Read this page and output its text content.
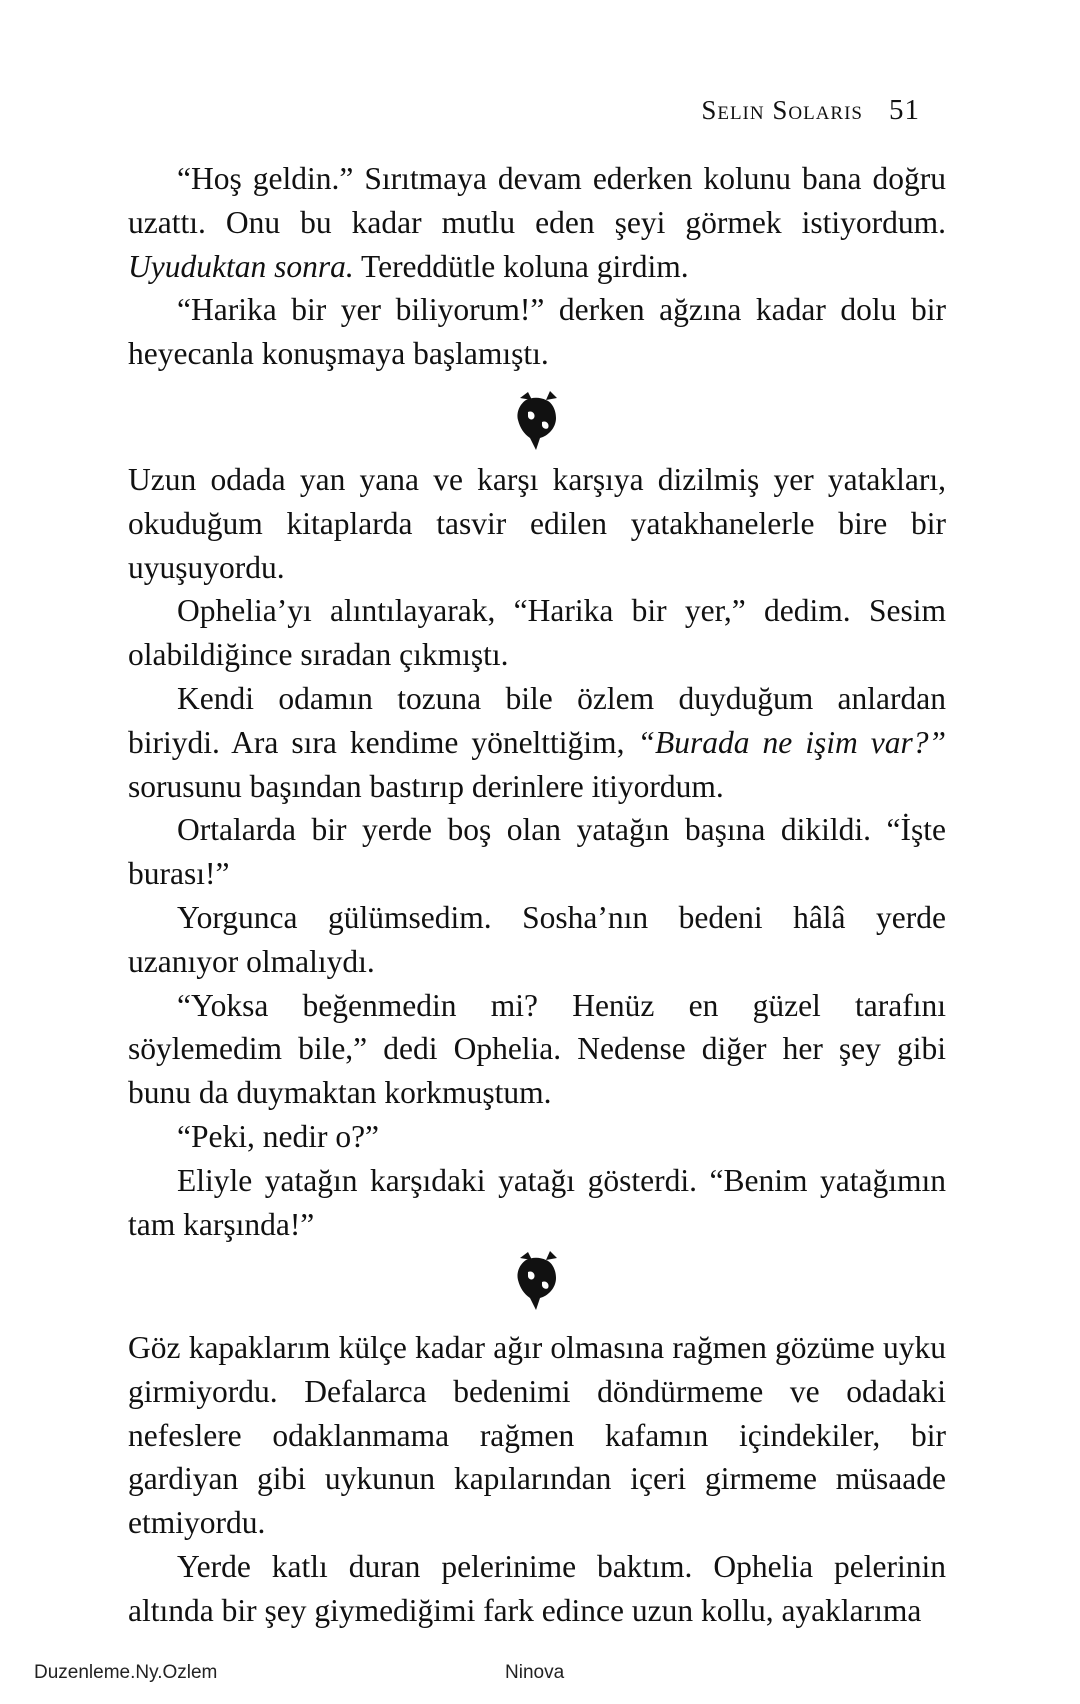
Selin Solaris 51

“Hoş geldin.” Sırıtmaya devam ederken kolunu bana doğru uzattı. Onu bu kadar mutlu eden şeyi görmek istiyordum. Uyuduktan sonra. Tereddütle koluna girdim.

“Harika bir yer biliyorum!” derken ağzına kadar dolu bir heyecanla konuşmaya başlamıştı.

Uzun odada yan yana ve karşı karşıya dizilmiş yer yatakları, okuduğum kitaplarda tasvir edilen yatakhanelerle bire bir uyuşuyordu.

Ophelia’yı alıntılayarak, “Harika bir yer,” dedim. Sesim olabildiğince sıradan çıkmıştı.

Kendi odamın tozuna bile özlem duyduğum anlardan biriydi. Ara sıra kendime yönelttiğim, “Burada ne işim var?” sorusunu başından bastırıp derinlere itiyordum.

Ortalarda bir yerde boş olan yatağın başına dikildi. “İşte burası!”

Yorgunca gülümsedim. Sosha’nın bedeni hâlâ yerde uzanıyor olmalıydı.

“Yoksa beğenmedin mi? Henüz en güzel tarafını söylemedim bile,” dedi Ophelia. Nedense diğer her şey gibi bunu da duymaktan korkmuştum.

“Peki, nedir o?”

Eliyle yatağın karşıdaki yatağı gösterdi. “Benim yatağımın tam karşında!”

Göz kapaklarım külçe kadar ağır olmasına rağmen gözüme uyku girmiyordu. Defalarca bedenimi döndürmeme ve odadaki nefeslere odaklanmama rağmen kafamın içindekiler, bir gardiyan gibi uykunun kapılarından içeri girmeme müsaade etmiyordu.

Yerde katlı duran pelerinime baktım. Ophelia pelerinin altında bir şey giymediğimi fark edince uzun kollu, ayaklarıma

Duzenleme.Ny.Ozlem	Ninova
